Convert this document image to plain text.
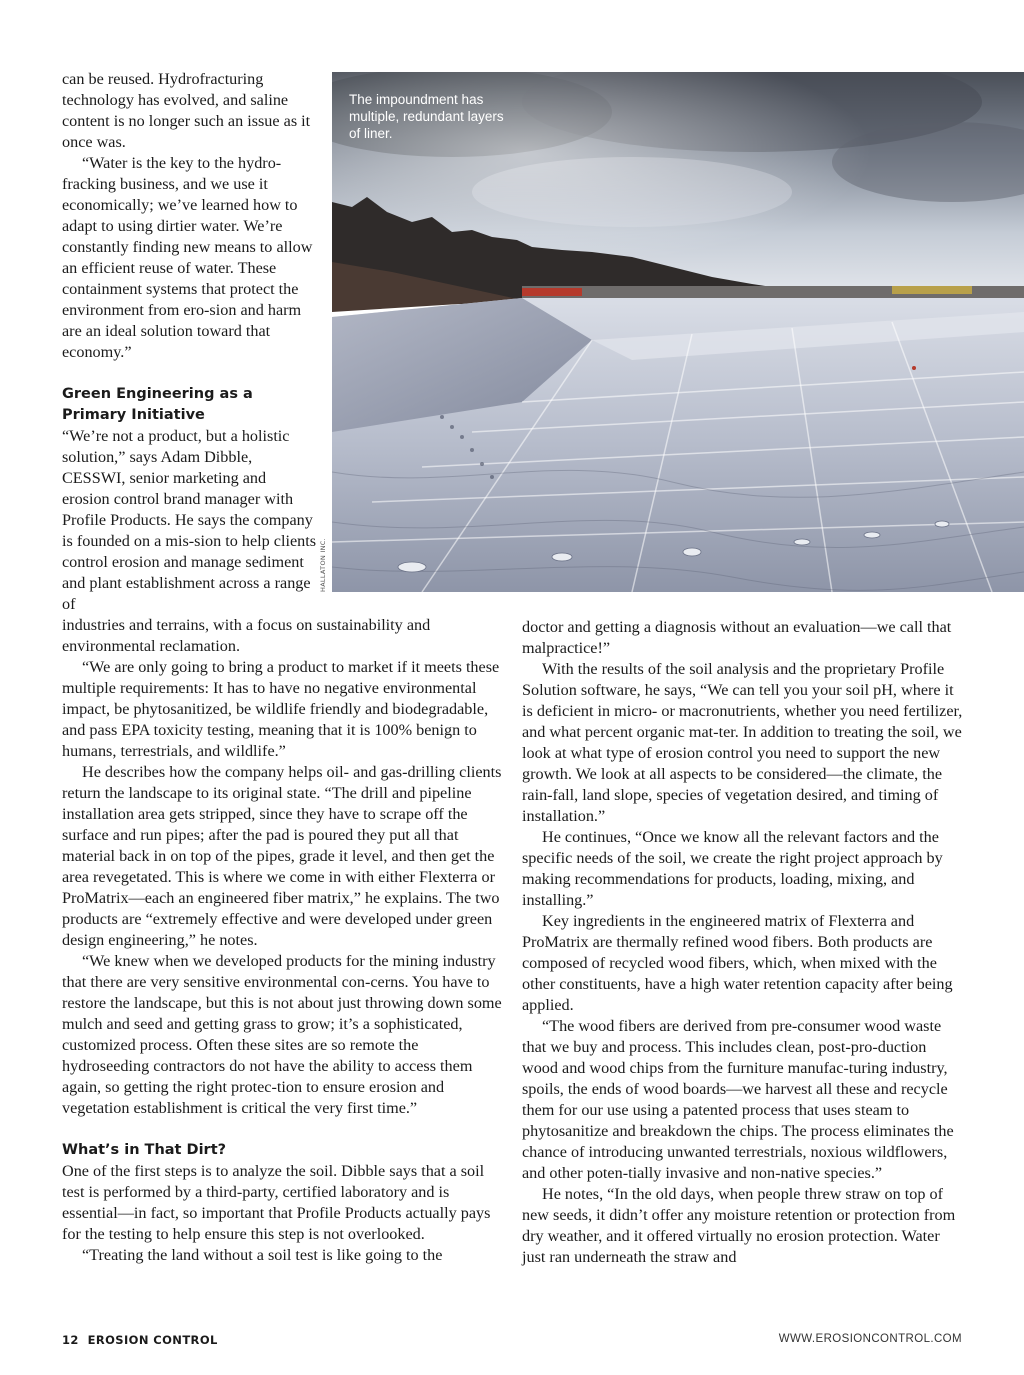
The impoundment has multiple, redundant layers of liner.
HALLATON INC.

can be reused. Hydrofracturing technology has evolved, and saline content is no longer such an issue as it once was.

“Water is the key to the hydro-fracking business, and we use it economically; we’ve learned how to adapt to using dirtier water. We’re constantly finding new means to allow an efficient reuse of water. These containment systems that protect the environment from ero-sion and harm are an ideal solution toward that economy.”

Green Engineering as a
Primary Initiative

“We’re not a product, but a holistic solution,” says Adam Dibble, CESSWI, senior marketing and erosion control brand manager with Profile Products. He says the company is founded on a mis-sion to help clients control erosion and manage sediment and plant establishment across a range of

industries and terrains, with a focus on sustainability and environmental reclamation.

“We are only going to bring a product to market if it meets these multiple requirements: It has to have no negative environmental impact, be phytosanitized, be wildlife friendly and biodegradable, and pass EPA toxicity testing, meaning that it is 100% benign to humans, terrestrials, and wildlife.”

He describes how the company helps oil- and gas-drilling clients return the landscape to its original state. “The drill and pipeline installation area gets stripped, since they have to scrape off the surface and run pipes; after the pad is poured they put all that material back in on top of the pipes, grade it level, and then get the area revegetated. This is where we come in with either Flexterra or ProMatrix—each an engineered fiber matrix,” he explains. The two products are “extremely effective and were developed under green design engineering,” he notes.

“We knew when we developed products for the mining industry that there are very sensitive environmental con-cerns. You have to restore the landscape, but this is not about just throwing down some mulch and seed and getting grass to grow; it’s a sophisticated, customized process. Often these sites are so remote the hydroseeding contractors do not have the ability to access them again, so getting the right protec-tion to ensure erosion and vegetation establishment is critical the very first time.”

What’s in That Dirt?

One of the first steps is to analyze the soil. Dibble says that a soil test is performed by a third-party, certified laboratory and is essential—in fact, so important that Profile Products actually pays for the testing to help ensure this step is not overlooked.

“Treating the land without a soil test is like going to the

doctor and getting a diagnosis without an evaluation—we call that malpractice!”

With the results of the soil analysis and the proprietary Profile Solution software, he says, “We can tell you your soil pH, where it is deficient in micro- or macronutrients, whether you need fertilizer, and what percent organic mat-ter. In addition to treating the soil, we look at what type of erosion control you need to support the new growth. We look at all aspects to be considered—the climate, the rain-fall, land slope, species of vegetation desired, and timing of installation.”

He continues, “Once we know all the relevant factors and the specific needs of the soil, we create the right project approach by making recommendations for products, loading, mixing, and installing.”

Key ingredients in the engineered matrix of Flexterra and ProMatrix are thermally refined wood fibers. Both products are composed of recycled wood fibers, which, when mixed with the other constituents, have a high water retention capacity after being applied.

“The wood fibers are derived from pre-consumer wood waste that we buy and process. This includes clean, post-pro-duction wood and wood chips from the furniture manufac-turing industry, spoils, the ends of wood boards—we harvest all these and recycle them for our use using a patented process that uses steam to phytosanitize and breakdown the chips. The process eliminates the chance of introducing unwanted terrestrials, noxious wildflowers, and other poten-tially invasive and non-native species.”

He notes, “In the old days, when people threw straw on top of new seeds, it didn’t offer any moisture retention or protection from dry weather, and it offered virtually no erosion protection. Water just ran underneath the straw and

12 EROSION CONTROL	WWW.EROSIONCONTROL.COM
